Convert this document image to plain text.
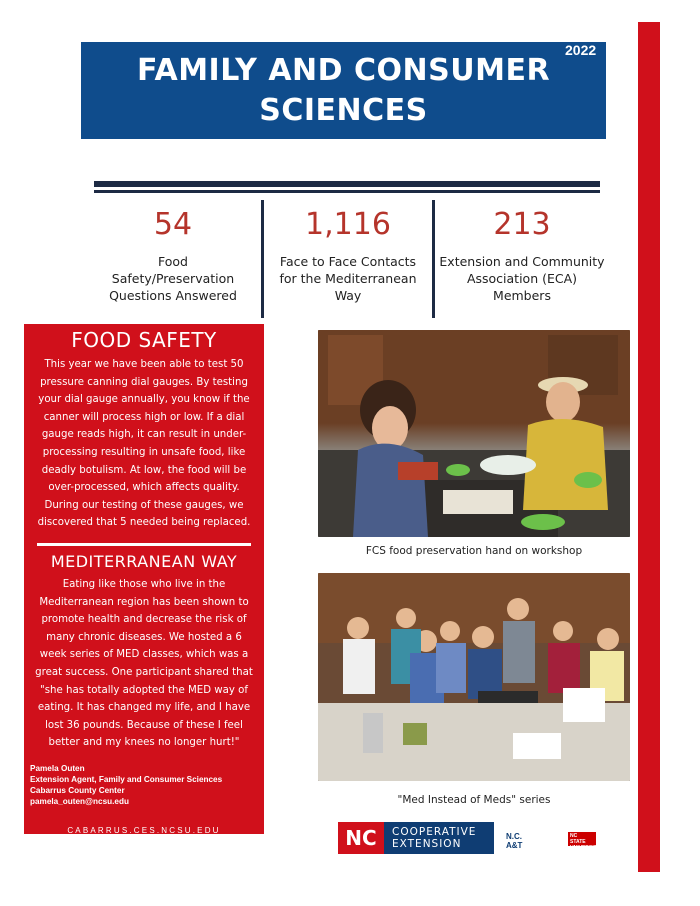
FAMILY AND CONSUMER SCIENCES
2022
54
Food Safety/Preservation Questions Answered
1,116
Face to Face Contacts for the Mediterranean Way
213
Extension and Community Association (ECA) Members
FOOD SAFETY

This year we have been able to test 50 pressure canning dial gauges. By testing your dial gauge annually, you know if the canner will process high or low. If a dial gauge reads high, it can result in under-processing resulting in unsafe food, like deadly botulism. At low, the food will be over-processed, which affects quality. During our testing of these gauges, we discovered that 5 needed being replaced.

MEDITERRANEAN WAY

Eating like those who live in the Mediterranean region has been shown to promote health and decrease the risk of many chronic diseases. We hosted a 6 week series of MED classes, which was a great success. One participant shared that "she has totally adopted the MED way of eating. It has changed my life, and I have lost 36 pounds. Because of these I feel better and my knees no longer hurt!"

Pamela Outen
Extension Agent, Family and Consumer Sciences
Cabarrus County Center
pamela_outen@ncsu.edu
CABARRUS.CES.NCSU.EDU
FCS food preservation hand on workshop
"Med Instead of Meds" series
NC	COOPERATIVE
EXTENSION
N.C. A&T
NC STATE UNIVERSITY
